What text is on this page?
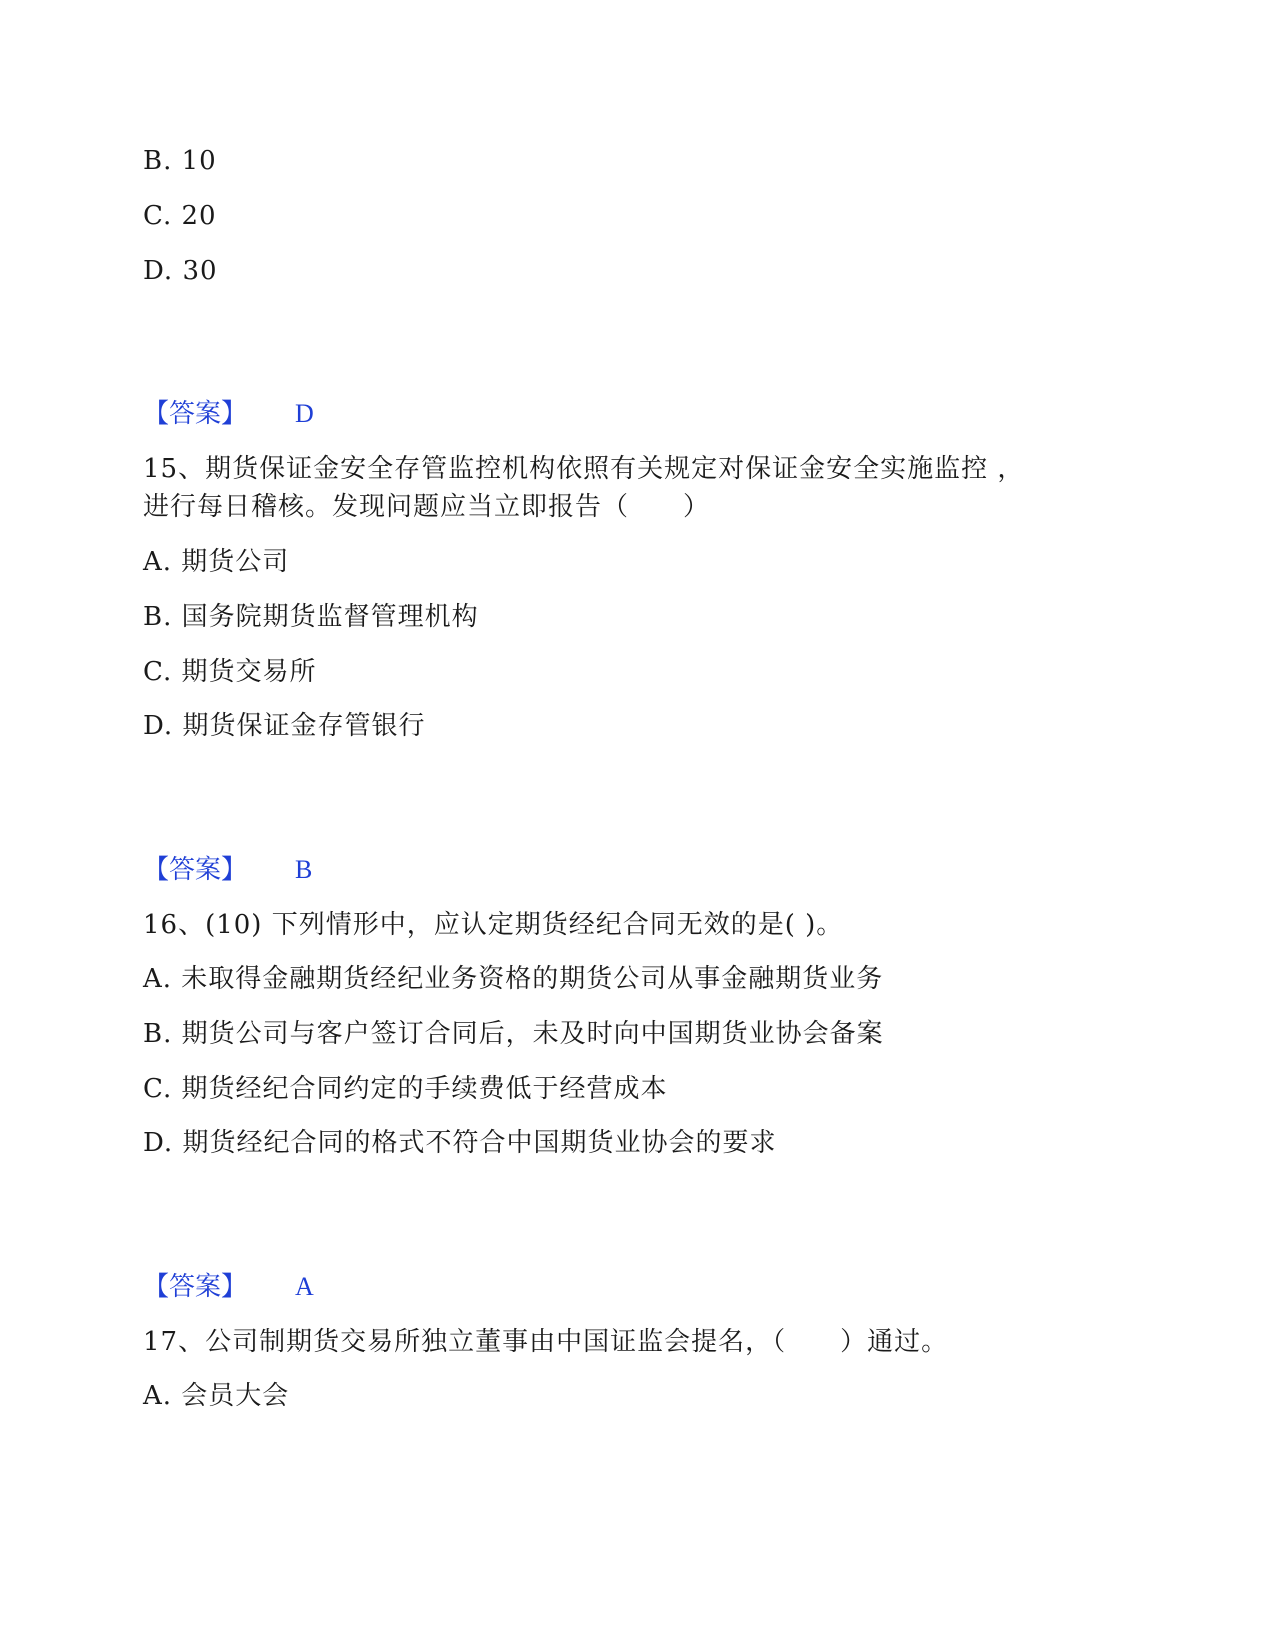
B. 10
C. 20
D. 30
【答案】 D
15、期货保证金安全存管监控机构依照有关规定对保证金安全实施监控 ，
进行每日稽核。发现问题应当立即报告（　　）
A. 期货公司
B. 国务院期货监督管理机构
C. 期货交易所
D. 期货保证金存管银行
【答案】 B
16、(10) 下列情形中，应认定期货经纪合同无效的是( )。
A. 未取得金融期货经纪业务资格的期货公司从事金融期货业务
B. 期货公司与客户签订合同后，未及时向中国期货业协会备案
C. 期货经纪合同约定的手续费低于经营成本
D. 期货经纪合同的格式不符合中国期货业协会的要求
【答案】 A
17、公司制期货交易所独立董事由中国证监会提名，（　　）通过。
A. 会员大会
